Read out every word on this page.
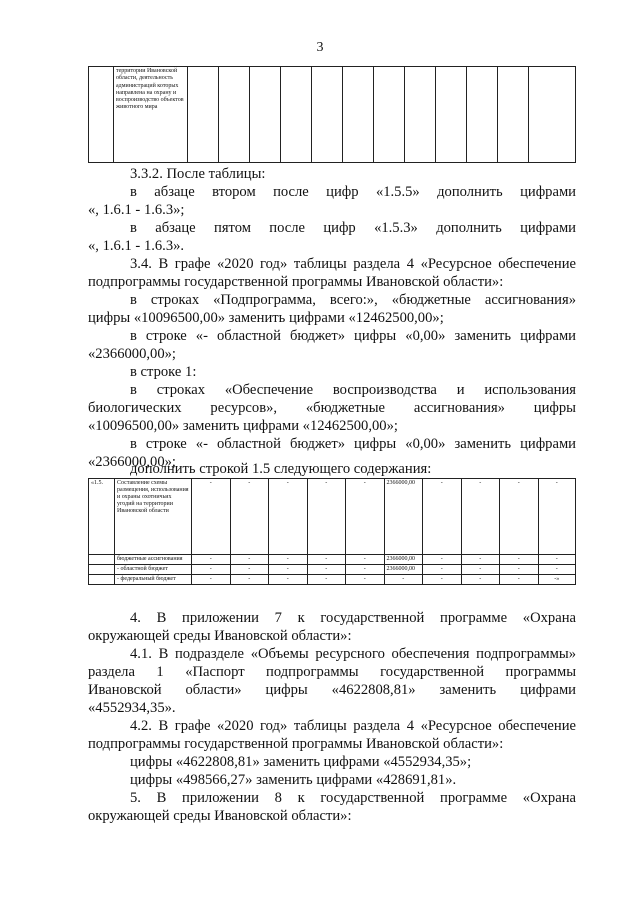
3
	территории Ивановской области, деятельность администраций которых направлена на охрану и воспроизводство объектов животного мира												
3.3.2. После таблицы:
в абзаце втором после цифр «1.5.5» дополнить цифрами
«, 1.6.1 - 1.6.3»;
в абзаце пятом после цифр «1.5.3» дополнить цифрами
«, 1.6.1 - 1.6.3».
3.4. В графе «2020 год» таблицы раздела 4 «Ресурсное обеспечение
подпрограммы государственной программы Ивановской области»:
в строках «Подпрограмма, всего:», «бюджетные ассигнования»
цифры «10096500,00» заменить цифрами «12462500,00»;
в строке «- областной бюджет» цифры «0,00» заменить цифрами
«2366000,00»;
в строке 1:
в строках «Обеспечение воспроизводства и использования
биологических ресурсов», «бюджетные ассигнования» цифры
«10096500,00» заменить цифрами «12462500,00»;
в строке «- областной бюджет» цифры «0,00» заменить цифрами
«2366000,00»;
дополнить строкой 1.5 следующего содержания:
«1.5.	Составление схемы размещения, использования и охраны охотничьих угодий на территории Ивановской области	-	-	-	-	-	2366000,00	-	-	-	-
	бюджетные ассигнования	-	-	-	-	-	2366000,00	-	-	-	-
	- областной бюджет	-	-	-	-	-	2366000,00	-	-	-	-
	- федеральный бюджет	-	-	-	-	-	-	-	-	-	-»
4. В приложении 7 к государственной программе «Охрана
окружающей среды Ивановской области»:
4.1. В подразделе «Объемы ресурсного обеспечения подпрограммы»
раздела 1 «Паспорт подпрограммы государственной программы
Ивановской области» цифры «4622808,81» заменить цифрами
«4552934,35».
4.2. В графе «2020 год» таблицы раздела 4 «Ресурсное обеспечение
подпрограммы государственной программы Ивановской области»:
цифры «4622808,81» заменить цифрами «4552934,35»;
цифры «498566,27» заменить цифрами «428691,81».
5. В приложении 8 к государственной программе «Охрана
окружающей среды Ивановской области»:
